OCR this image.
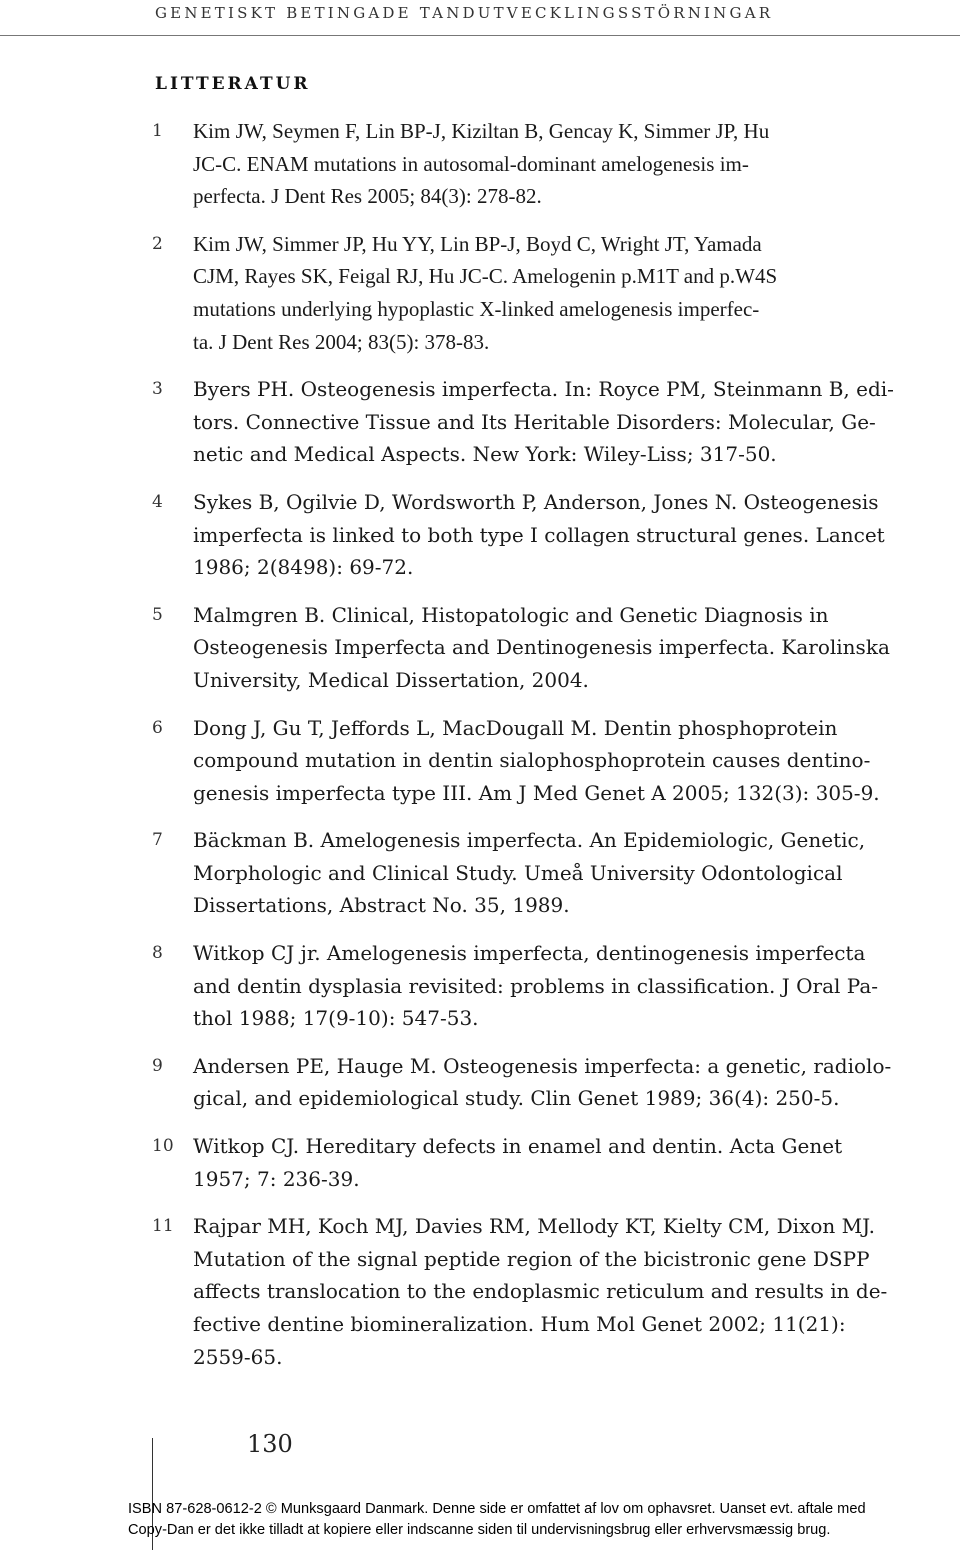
GENETISKT BETINGADE TANDUTVECKLINGSSTÖRNINGAR
LITTERATUR
1	Kim JW, Seymen F, Lin BP-J, Kiziltan B, Gencay K, Simmer JP, Hu
JC-C. ENAM mutations in autosomal-dominant amelogenesis im-
perfecta. J Dent Res 2005; 84(3): 278-82.
2	Kim JW, Simmer JP, Hu YY, Lin BP-J, Boyd C, Wright JT, Yamada
CJM, Rayes SK, Feigal RJ, Hu JC-C. Amelogenin p.M1T and p.W4S
mutations underlying hypoplastic X-linked amelogenesis imperfec-
ta. J Dent Res 2004; 83(5): 378-83.
3	Byers PH. Osteogenesis imperfecta. In: Royce PM, Steinmann B, edi-
tors. Connective Tissue and Its Heritable Disorders: Molecular, Ge-
netic and Medical Aspects. New York: Wiley-Liss; 317-50.
4	Sykes B, Ogilvie D, Wordsworth P, Anderson, Jones N. Osteogenesis
imperfecta is linked to both type I collagen structural genes. Lancet
1986; 2(8498): 69-72.
5	Malmgren B. Clinical, Histopatologic and Genetic Diagnosis in
Osteogenesis Imperfecta and Dentinogenesis imperfecta. Karolinska
University, Medical Dissertation, 2004.
6	Dong J, Gu T, Jeffords L, MacDougall M. Dentin phosphoprotein
compound mutation in dentin sialophosphoprotein causes dentino-
genesis imperfecta type III. Am J Med Genet A 2005; 132(3): 305-9.
7	Bäckman B. Amelogenesis imperfecta. An Epidemiologic, Genetic,
Morphologic and Clinical Study. Umeå University Odontological
Dissertations, Abstract No. 35, 1989.
8	Witkop CJ jr. Amelogenesis imperfecta, dentinogenesis imperfecta
and dentin dysplasia revisited: problems in classification. J Oral Pa-
thol 1988; 17(9-10): 547-53.
9	Andersen PE, Hauge M. Osteogenesis imperfecta: a genetic, radiolo-
gical, and epidemiological study. Clin Genet 1989; 36(4): 250-5.
10 Witkop CJ. Hereditary defects in enamel and dentin. Acta Genet
1957; 7: 236-39.
11 Rajpar MH, Koch MJ, Davies RM, Mellody KT, Kielty CM, Dixon MJ.
Mutation of the signal peptide region of the bicistronic gene DSPP
affects translocation to the endoplasmic reticulum and results in de-
fective dentine biomineralization. Hum Mol Genet 2002; 11(21):
2559-65.
130
ISBN 87-628-0612-2 © Munksgaard Danmark. Denne side er omfattet af lov om ophavsret. Uanset evt. aftale med
Copy-Dan er det ikke tilladt at kopiere eller indscanne siden til undervisningsbrug eller erhvervsmæssig brug.
